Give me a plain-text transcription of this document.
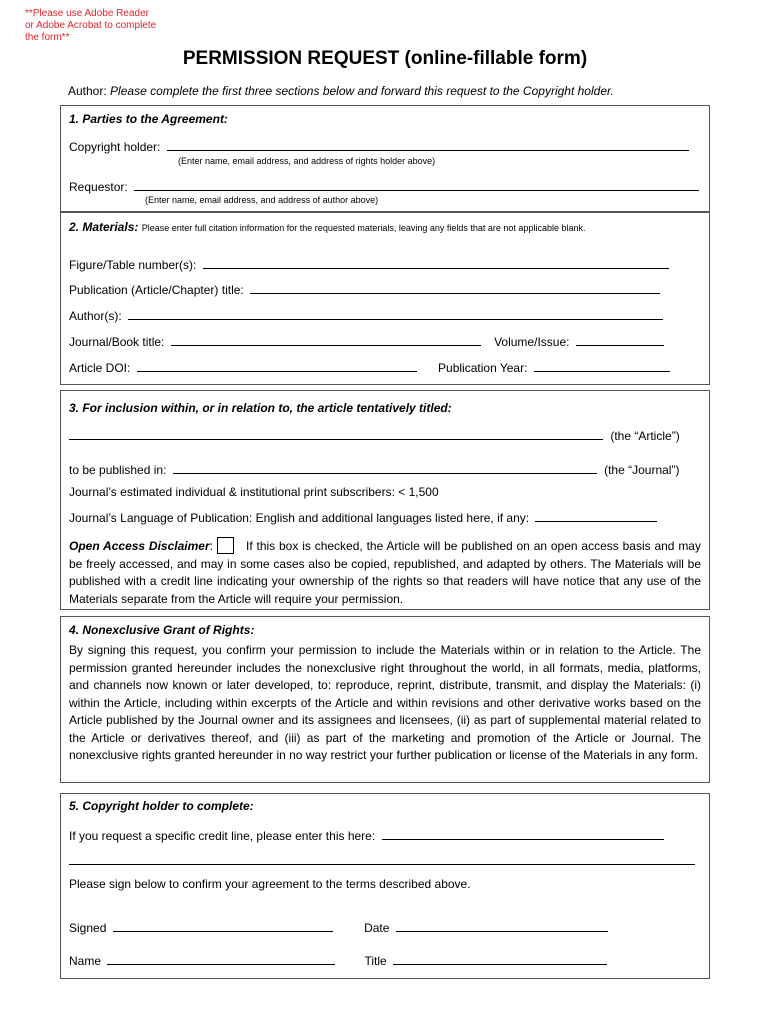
**Please use Adobe Reader
or Adobe Acrobat to complete
the form**
PERMISSION REQUEST (online-fillable form)
Author: Please complete the first three sections below and forward this request to the Copyright holder.
1. Parties to the Agreement:
Copyright holder:
(Enter name, email address, and address of rights holder above)
Requestor:
(Enter name, email address, and address of author above)
2. Materials: Please enter full citation information for the requested materials, leaving any fields that are not applicable blank.
Figure/Table number(s):
Publication (Article/Chapter) title:
Author(s):
Journal/Book title:	Volume/Issue:
Article DOI:	Publication Year:
3. For inclusion within, or in relation to, the article tentatively titled:
(the “Article”)
to be published in:	(the “Journal”)
Journal’s estimated individual & institutional print subscribers: < 1,500
Journal’s Language of Publication: English and additional languages listed here, if any:
Open Access Disclaimer:	If this box is checked, the Article will be published on an open access basis and may be freely accessed, and may in some cases also be copied, republished, and adapted by others. The Materials will be published with a credit line indicating your ownership of the rights so that readers will have notice that any use of the Materials separate from the Article will require your permission.
4. Nonexclusive Grant of Rights:
By signing this request, you confirm your permission to include the Materials within or in relation to the Article. The permission granted hereunder includes the nonexclusive right throughout the world, in all formats, media, platforms, and channels now known or later developed, to: reproduce, reprint, distribute, transmit, and display the Materials: (i) within the Article, including within excerpts of the Article and within revisions and other derivative works based on the Article published by the Journal owner and its assignees and licensees, (ii) as part of supplemental material related to the Article or derivatives thereof, and (iii) as part of the marketing and promotion of the Article or Journal. The nonexclusive rights granted hereunder in no way restrict your further publication or license of the Materials in any form.
5. Copyright holder to complete:
If you request a specific credit line, please enter this here:
Please sign below to confirm your agreement to the terms described above.
Signed	Date
Name	Title
